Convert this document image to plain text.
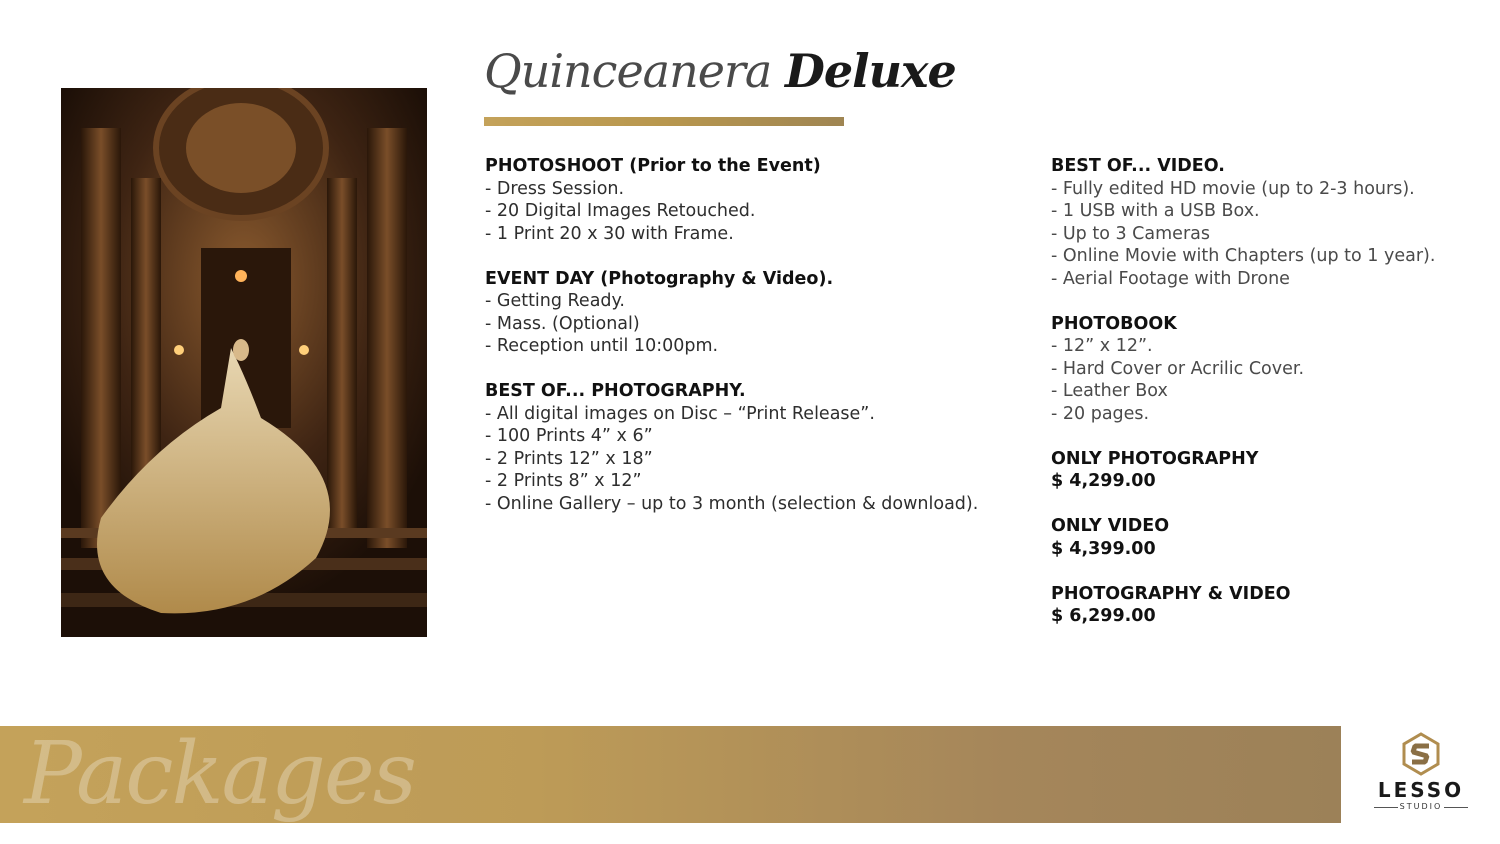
Quinceanera Deluxe
PHOTOSHOOT (Prior to the Event)
- Dress Session.
- 20 Digital Images Retouched.
- 1 Print 20 x 30 with Frame.
EVENT DAY (Photography & Video).
- Getting Ready.
- Mass. (Optional)
- Reception until 10:00pm.
BEST OF... PHOTOGRAPHY.
- All digital images on Disc – “Print Release”.
- 100 Prints 4” x 6”
- 2 Prints 12” x 18”
- 2 Prints 8” x 12”
- Online Gallery – up to 3 month (selection & download).
BEST OF... VIDEO.
- Fully edited HD movie (up to 2-3 hours).
- 1 USB with a USB Box.
- Up to 3 Cameras
- Online Movie with Chapters (up to 1 year).
- Aerial Footage with Drone
PHOTOBOOK
- 12” x 12”.
- Hard Cover or Acrilic Cover.
- Leather Box
- 20 pages.
ONLY PHOTOGRAPHY
$ 4,299.00
ONLY VIDEO
$ 4,399.00
PHOTOGRAPHY & VIDEO
$ 6,299.00
Packages	LESSO
STUDIO
